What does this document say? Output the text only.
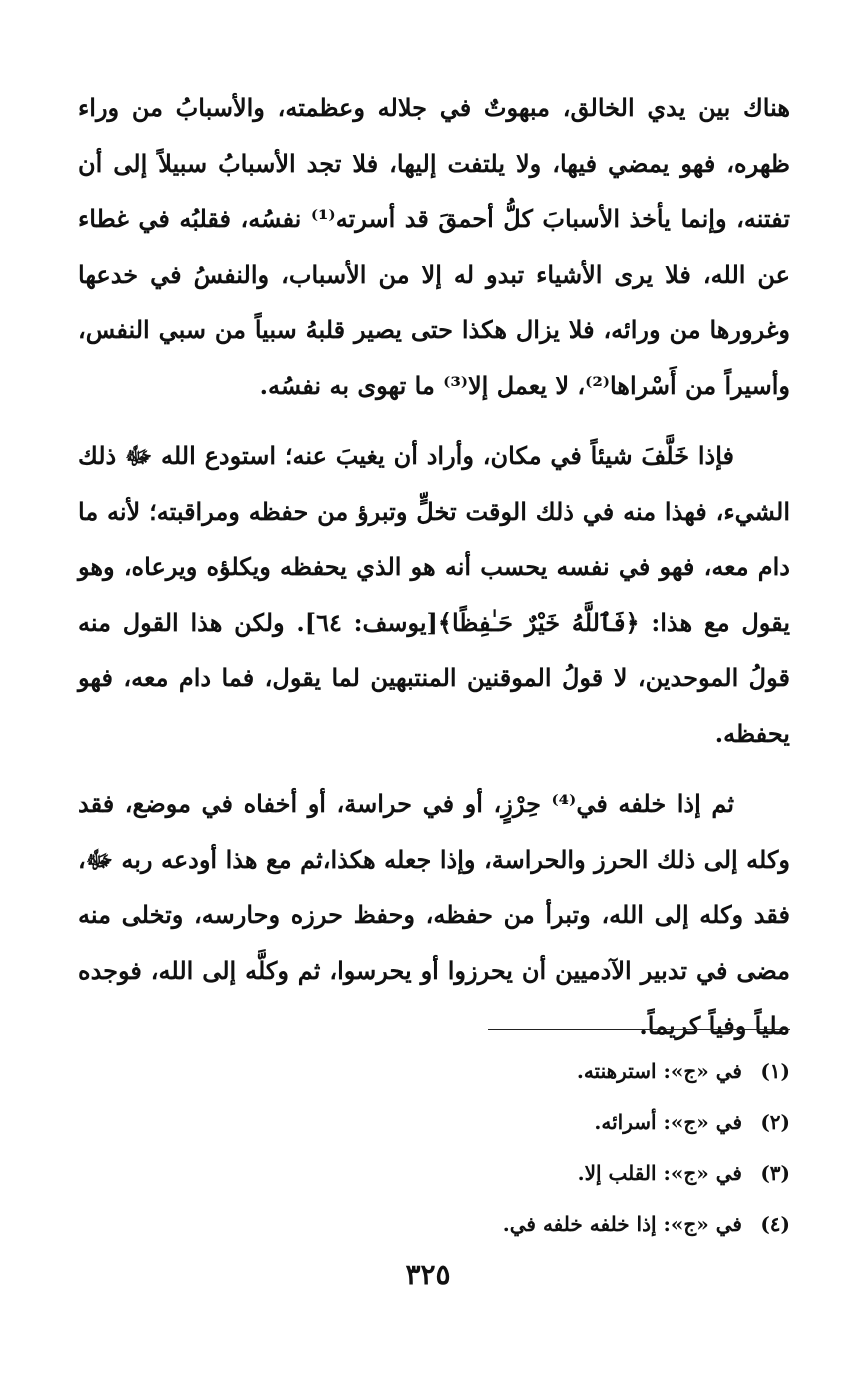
هناك بين يدي الخالق، مبهوتٌ في جلاله وعظمته، والأسبابُ من وراء ظهره، فهو يمضي فيها، ولا يلتفت إليها، فلا تجد الأسبابُ سبيلاً إلى أن تفتنه، وإنما يأخذ الأسبابَ كلُّ أحمقَ قد أسرته⁽¹⁾ نفسُه، فقلبُه في غطاء عن الله، فلا يرى الأشياء تبدو له إلا من الأسباب، والنفسُ في خدعها وغرورها من ورائه، فلا يزال هكذا حتى يصير قلبهُ سبياً من سبي النفس، وأسيراً من أَسْراها⁽²⁾، لا يعمل إلا⁽³⁾ ما تهوى به نفسُه.

فإذا خَلَّفَ شيئاً في مكان، وأراد أن يغيبَ عنه؛ استودع الله ﷻ ذلك الشيء، فهذا منه في ذلك الوقت تخلٍّ وتبرؤ من حفظه ومراقبته؛ لأنه ما دام معه، فهو في نفسه يحسب أنه هو الذي يحفظه ويكلؤه ويرعاه، وهو يقول مع هذا: ﴿فَٱللَّهُ خَيْرٌ حَـٰفِظًا﴾[يوسف: ٦٤]. ولكن هذا القول منه قولُ الموحدين، لا قولُ الموقنين المنتبهين لما يقول، فما دام معه، فهو يحفظه.

ثم إذا خلفه في⁽⁴⁾ حِرْزٍ، أو في حراسة، أو أخفاه في موضع، فقد وكله إلى ذلك الحرز والحراسة، وإذا جعله هكذا،ثم مع هذا أودعه ربه ﷻ، فقد وكله إلى الله، وتبرأ من حفظه، وحفظ حرزه وحارسه، وتخلى منه مضى في تدبير الآدميين أن يحرزوا أو يحرسوا، ثم وكلَّه إلى الله، فوجده ملياً وفياً كريماً.

(١)
في «ج»: استرهنته.
(٢)
في «ج»: أسرائه.
(٣)
في «ج»: القلب إلا.
(٤)
في «ج»: إذا خلفه خلفه في.
٣٢٥
